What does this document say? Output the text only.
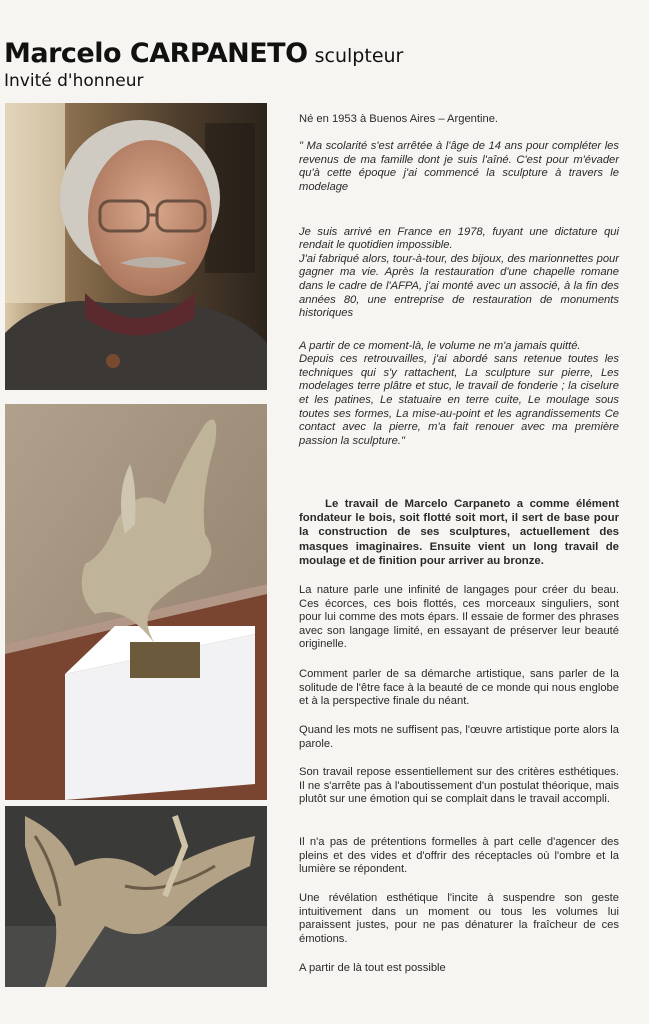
Marcelo CARPANETO sculpteur
Invité d'honneur

Né en 1953 à Buenos Aires – Argentine.

" Ma scolarité s'est arrêtée à l'âge de 14 ans pour compléter les revenus de ma famille dont je suis l'aîné. C'est pour m'évader qu'à cette époque j'ai commencé la sculpture à travers le modelage

Je suis arrivé en France en 1978, fuyant une dictature qui rendait le quotidien impossible.
J'ai fabriqué alors, tour-à-tour, des bijoux, des marionnettes pour gagner ma vie. Après la restauration d'une chapelle romane dans le cadre de l'AFPA, j'ai monté avec un associé, à la fin des années 80, une entreprise de restauration de monuments historiques

A partir de ce moment-là, le volume ne m'a jamais quitté.
Depuis ces retrouvailles, j'ai abordé sans retenue toutes les techniques qui s'y rattachent, La sculpture sur pierre, Les modelages terre plâtre et stuc, le travail de fonderie ; la ciselure et les patines, Le statuaire en terre cuite, Le moulage sous toutes ses formes, La mise-au-point et les agrandissements Ce contact avec la pierre, m'a fait renouer avec ma première passion la sculpture."

Le travail de Marcelo Carpaneto a comme élément fondateur le bois, soit flotté soit mort, il sert de base pour la construction de ses sculptures, actuellement des masques imaginaires. Ensuite vient un long travail de moulage et de finition pour arriver au bronze.

La nature parle une infinité de langages pour créer du beau. Ces écorces, ces bois flottés, ces morceaux singuliers, sont pour lui comme des mots épars. Il essaie de former des phrases avec son langage limité, en essayant de préserver leur beauté originelle.

Comment parler de sa démarche artistique, sans parler de la solitude de l'être face à la beauté de ce monde qui nous englobe et à la perspective finale du néant.

Quand les mots ne suffisent pas, l'œuvre artistique porte alors la parole.

Son travail repose essentiellement sur des critères esthétiques. Il ne s'arrête pas à l'aboutissement d'un postulat théorique, mais plutôt sur une émotion qui se complait dans le travail accompli.

Il n'a pas de prétentions formelles à part celle d'agencer des pleins et des vides et d'offrir des réceptacles où l'ombre et la lumière se répondent.

Une révélation esthétique l'incite à suspendre son geste intuitivement dans un moment ou tous les volumes lui paraissent justes, pour ne pas dénaturer la fraîcheur de ces émotions.

A partir de là tout est possible
